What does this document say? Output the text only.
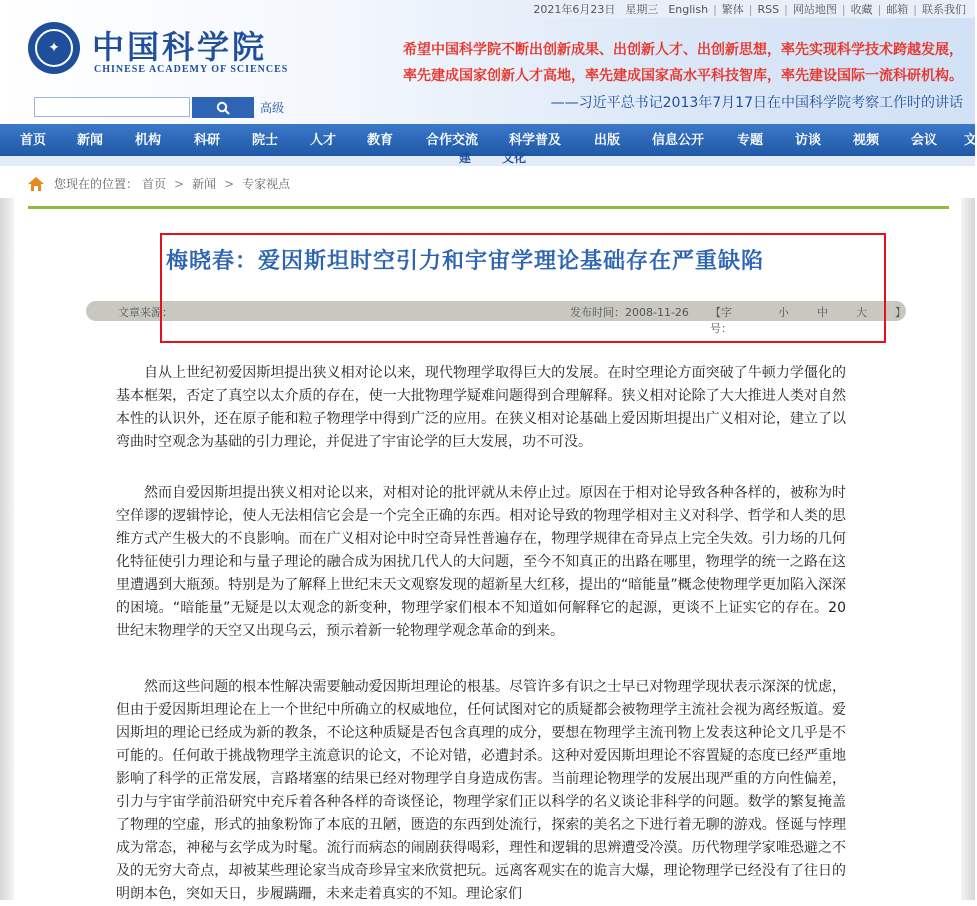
✦	中国科学院
CHINESE ACADEMY OF SCIENCES
2021年6月23日 星期三 English | 繁体 | RSS | 网站地图 | 收藏 | 邮箱 | 联系我们
希望中国科学院不断出创新成果、出创新人才、出创新思想，率先实现科学技术跨越发展，
率先建成国家创新人才高地，率先建成国家高水平科技智库，率先建设国际一流科研机构。
——习近平总书记2013年7月17日在中国科学院考察工作时的讲话
高级
首页 新闻 机构	科研 院士 人才 教育	合作交流 科学普及	出版 信息公开	专题 访谈 视频 会议 文
建	文化
您现在的位置： 首页 > 新闻 > 专家视点
梅晓春：爱因斯坦时空引力和宇宙学理论基础存在严重缺陷
文章来源：	发布时间：2008-11-26 【字号：
小	中	大	】
自从上世纪初爱因斯坦提出狭义相对论以来，现代物理学取得巨大的发展。在时空理论方面突破了牛顿力学僵化的基本框架，否定了真空以太介质的存在，使一大批物理学疑难问题得到合理解释。狭义相对论除了大大推进人类对自然本性的认识外，还在原子能和粒子物理学中得到广泛的应用。在狭义相对论基础上爱因斯坦提出广义相对论，建立了以弯曲时空观念为基础的引力理论，并促进了宇宙论学的巨大发展，功不可没。
然而自爱因斯坦提出狭义相对论以来，对相对论的批评就从未停止过。原因在于相对论导致各种各样的，被称为时空佯谬的逻辑悖论，使人无法相信它会是一个完全正确的东西。相对论导致的物理学相对主义对科学、哲学和人类的思维方式产生极大的不良影响。而在广义相对论中时空奇异性普遍存在，物理学规律在奇异点上完全失效。引力场的几何化特征使引力理论和与量子理论的融合成为困扰几代人的大问题，至今不知真正的出路在哪里，物理学的统一之路在这里遭遇到大瓶颈。特别是为了解释上世纪末天文观察发现的超新星大红移，提出的“暗能量”概念使物理学更加陷入深深的困境。“暗能量”无疑是以太观念的新变种，物理学家们根本不知道如何解释它的起源，更谈不上证实它的存在。20世纪末物理学的天空又出现乌云，预示着新一轮物理学观念革命的到来。
然而这些问题的根本性解决需要触动爱因斯坦理论的根基。尽管许多有识之士早已对物理学现状表示深深的忧虑，但由于爱因斯坦理论在上一个世纪中所确立的权威地位，任何试图对它的质疑都会被物理学主流社会视为离经叛道。爱因斯坦的理论已经成为新的教条，不论这种质疑是否包含真理的成分，要想在物理学主流刊物上发表这种论文几乎是不可能的。任何敢于挑战物理学主流意识的论文，不论对错，必遭封杀。这种对爱因斯坦理论不容置疑的态度已经严重地影响了科学的正常发展，言路堵塞的结果已经对物理学自身造成伤害。当前理论物理学的发展出现严重的方向性偏差，引力与宇宙学前沿研究中充斥着各种各样的奇谈怪论，物理学家们正以科学的名义谈论非科学的问题。数学的繁复掩盖了物理的空虚，形式的抽象粉饰了本底的丑陋，匮造的东西到处流行，探索的美名之下进行着无聊的游戏。怪诞与悖理成为常态，神秘与玄学成为时髦。流行而病态的闹剧获得喝彩，理性和逻辑的思辨遭受冷漠。历代物理学家唯恐避之不及的无穷大奇点，却被某些理论家当成奇珍异宝来欣赏把玩。远离客观实在的诡言大爆，理论物理学已经没有了往日的明朗本色，突如天日，步履蹒跚，未来走着真实的不知。理论家们
